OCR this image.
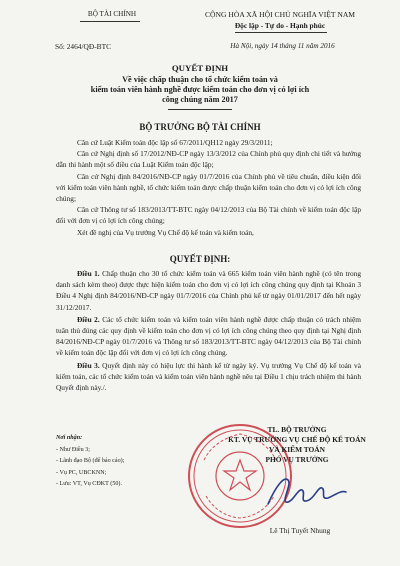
BỘ TÀI CHÍNH
Số: 2464/QĐ-BTC
CỘNG HÒA XÃ HỘI CHỦ NGHĨA VIỆT NAM
Độc lập - Tự do - Hạnh phúc
Hà Nội, ngày 14 tháng 11 năm 2016
QUYẾT ĐỊNH
Về việc chấp thuận cho tổ chức kiểm toán và
kiểm toán viên hành nghề được kiểm toán cho đơn vị có lợi ích
công chúng năm 2017
BỘ TRƯỞNG BỘ TÀI CHÍNH

Căn cứ Luật Kiểm toán độc lập số 67/2011/QH12 ngày 29/3/2011;

Căn cứ Nghị định số 17/2012/NĐ-CP ngày 13/3/2012 của Chính phủ quy định chi tiết và hướng dẫn thi hành một số điều của Luật Kiểm toán độc lập;

Căn cứ Nghị định 84/2016/NĐ-CP ngày 01/7/2016 của Chính phủ về tiêu chuẩn, điều kiện đối với kiểm toán viên hành nghề, tổ chức kiểm toán được chấp thuận kiểm toán cho đơn vị có lợi ích công chúng;

Căn cứ Thông tư số 183/2013/TT-BTC ngày 04/12/2013 của Bộ Tài chính về kiểm toán độc lập đối với đơn vị có lợi ích công chúng;

Xét đề nghị của Vụ trưởng Vụ Chế độ kế toán và kiểm toán,

QUYẾT ĐỊNH:

Điều 1. Chấp thuận cho 30 tổ chức kiểm toán và 665 kiểm toán viên hành nghề (có tên trong danh sách kèm theo) được thực hiện kiểm toán cho đơn vị có lợi ích công chúng quy định tại Khoản 3 Điều 4 Nghị định 84/2016/NĐ-CP ngày 01/7/2016 của Chính phủ kể từ ngày 01/01/2017 đến hết ngày 31/12/2017.

Điều 2. Các tổ chức kiểm toán và kiểm toán viên hành nghề được chấp thuận có trách nhiệm tuân thủ đúng các quy định về kiểm toán cho đơn vị có lợi ích công chúng theo quy định tại Nghị định 84/2016/NĐ-CP ngày 01/7/2016 và Thông tư số 183/2013/TT-BTC ngày 04/12/2013 của Bộ Tài chính về kiểm toán độc lập đối với đơn vị có lợi ích công chúng.

Điều 3. Quyết định này có hiệu lực thi hành kể từ ngày ký. Vụ trưởng Vụ Chế độ kế toán và kiểm toán, các tổ chức kiểm toán và kiểm toán viên hành nghề nêu tại Điều 1 chịu trách nhiệm thi hành Quyết định này./.

Nơi nhận:
- Như Điều 3;
- Lãnh đạo Bộ (để báo cáo);
- Vụ PC, UBCKNN;
- Lưu: VT, Vụ CĐKT (50).
TL. BỘ TRƯỞNG
KT. VỤ TRƯỞNG VỤ CHẾ ĐỘ KẾ TOÁN
VÀ KIỂM TOÁN
PHÓ VỤ TRƯỞNG
Lê Thị Tuyết Nhung
